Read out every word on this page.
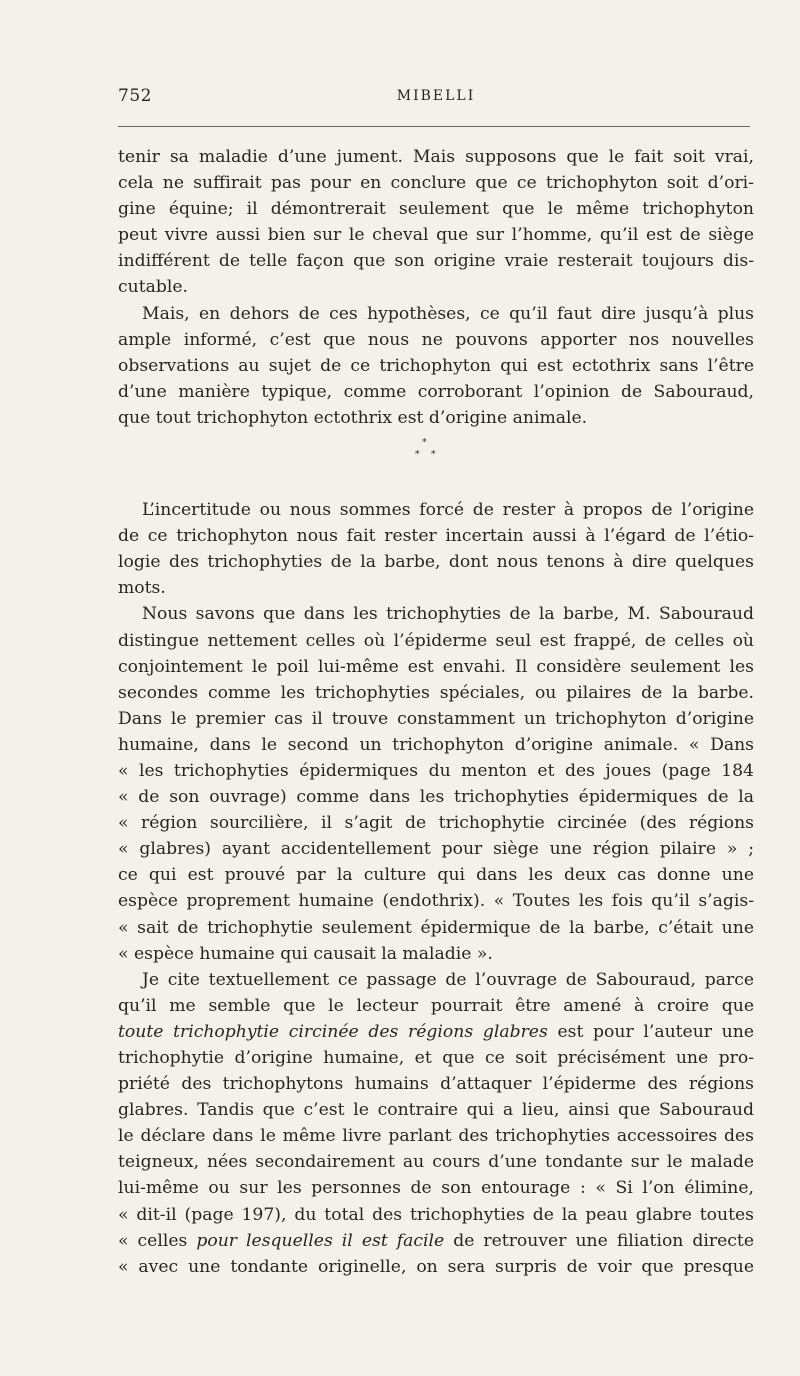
752	MIBELLI
tenir sa maladie d’une jument. Mais supposons que le fait soit vrai,
cela ne suffirait pas pour en conclure que ce trichophyton soit d’ori-
gine équine; il démontrerait seulement que le même trichophyton
peut vivre aussi bien sur le cheval que sur l’homme, qu’il est de siège
indifférent de telle façon que son origine vraie resterait toujours dis-
cutable.
Mais, en dehors de ces hypothèses, ce qu’il faut dire jusqu’à plus
ample informé, c’est que nous ne pouvons apporter nos nouvelles
observations au sujet de ce trichophyton qui est ectothrix sans l’être
d’une manière typique, comme corroborant l’opinion de Sabouraud,
que tout trichophyton ectothrix est d’origine animale.
*
* *
L’incertitude ou nous sommes forcé de rester à propos de l’origine
de ce trichophyton nous fait rester incertain aussi à l’égard de l’étio-
logie des trichophyties de la barbe, dont nous tenons à dire quelques
mots.
Nous savons que dans les trichophyties de la barbe, M. Sabouraud
distingue nettement celles où l’épiderme seul est frappé, de celles où
conjointement le poil lui-même est envahi. Il considère seulement les
secondes comme les trichophyties spéciales, ou pilaires de la barbe.
Dans le premier cas il trouve constamment un trichophyton d’origine
humaine, dans le second un trichophyton d’origine animale. « Dans
« les trichophyties épidermiques du menton et des joues (page 184
« de son ouvrage) comme dans les trichophyties épidermiques de la
« région sourcilière, il s’agit de trichophytie circinée (des régions
« glabres) ayant accidentellement pour siège une région pilaire » ;
ce qui est prouvé par la culture qui dans les deux cas donne une
espèce proprement humaine (endothrix). « Toutes les fois qu’il s’agis-
« sait de trichophytie seulement épidermique de la barbe, c’était une
« espèce humaine qui causait la maladie ».
Je cite textuellement ce passage de l’ouvrage de Sabouraud, parce
qu’il me semble que le lecteur pourrait être amené à croire que
toute trichophytie circinée des régions glabres est pour l’auteur une
trichophytie d’origine humaine, et que ce soit précisément une pro-
priété des trichophytons humains d’attaquer l’épiderme des régions
glabres. Tandis que c’est le contraire qui a lieu, ainsi que Sabouraud
le déclare dans le même livre parlant des trichophyties accessoires des
teigneux, nées secondairement au cours d’une tondante sur le malade
lui-même ou sur les personnes de son entourage : « Si l’on élimine,
« dit-il (page 197), du total des trichophyties de la peau glabre toutes
« celles pour lesquelles il est facile de retrouver une filiation directe
« avec une tondante originelle, on sera surpris de voir que presque
